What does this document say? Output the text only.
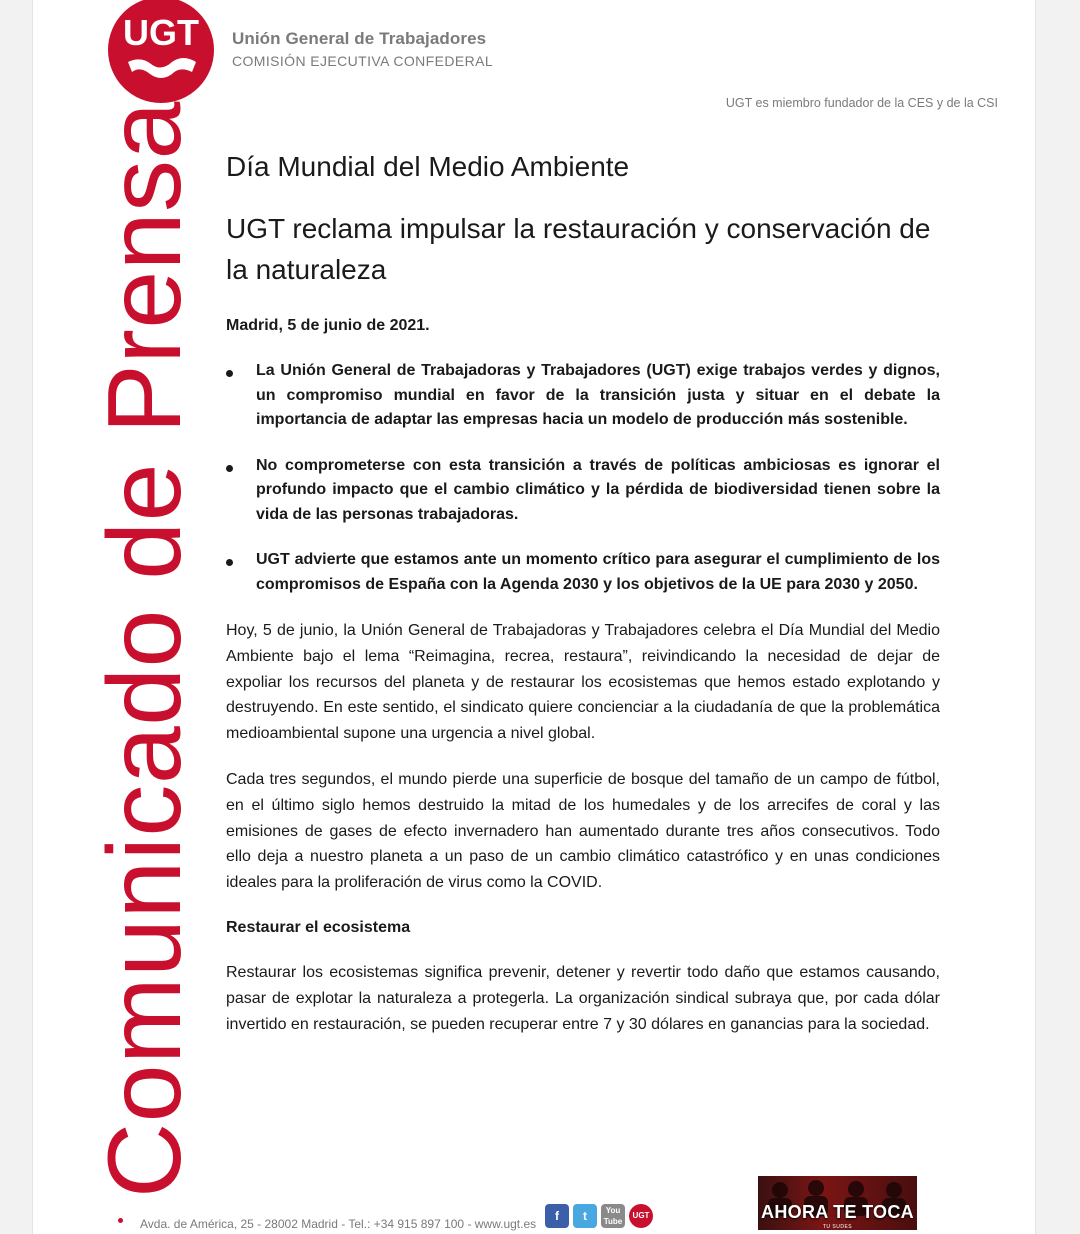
UGT Unión General de Trabajadores
COMISIÓN EJECUTIVA CONFEDERAL
UGT es miembro fundador de la CES y de la CSI
Comunicado de Prensa Día Mundial del Medio Ambiente
UGT reclama impulsar la restauración y conservación de la naturaleza
Madrid, 5 de junio de 2021.
La Unión General de Trabajadoras y Trabajadores (UGT) exige trabajos verdes y dignos, un compromiso mundial en favor de la transición justa y situar en el debate la importancia de adaptar las empresas hacia un modelo de producción más sostenible.
No comprometerse con esta transición a través de políticas ambiciosas es ignorar el profundo impacto que el cambio climático y la pérdida de biodiversidad tienen sobre la vida de las personas trabajadoras.
UGT advierte que estamos ante un momento crítico para asegurar el cumplimiento de los compromisos de España con la Agenda 2030 y los objetivos de la UE para 2030 y 2050.

Hoy, 5 de junio, la Unión General de Trabajadoras y Trabajadores celebra el Día Mundial del Medio Ambiente bajo el lema “Reimagina, recrea, restaura”, reivindicando la necesidad de dejar de expoliar los recursos del planeta y de restaurar los ecosistemas que hemos estado explotando y destruyendo. En este sentido, el sindicato quiere concienciar a la ciudadanía de que la problemática medioambiental supone una urgencia a nivel global.

Cada tres segundos, el mundo pierde una superficie de bosque del tamaño de un campo de fútbol, en el último siglo hemos destruido la mitad de los humedales y de los arrecifes de coral y las emisiones de gases de efecto invernadero han aumentado durante tres años consecutivos. Todo ello deja a nuestro planeta a un paso de un cambio climático catastrófico y en unas condiciones ideales para la proliferación de virus como la COVID.

Restaurar el ecosistema

Restaurar los ecosistemas significa prevenir, detener y revertir todo daño que estamos causando, pasar de explotar la naturaleza a protegerla. La organización sindical subraya que, por cada dólar invertido en restauración, se pueden recuperar entre 7 y 30 dólares en ganancias para la sociedad.

Avda. de América, 25 - 28002 Madrid - Tel.: +34 915 897 100 - www.ugt.es
f	t	You Tube
UGT	AHORA TE TOCA
TU SUDES
